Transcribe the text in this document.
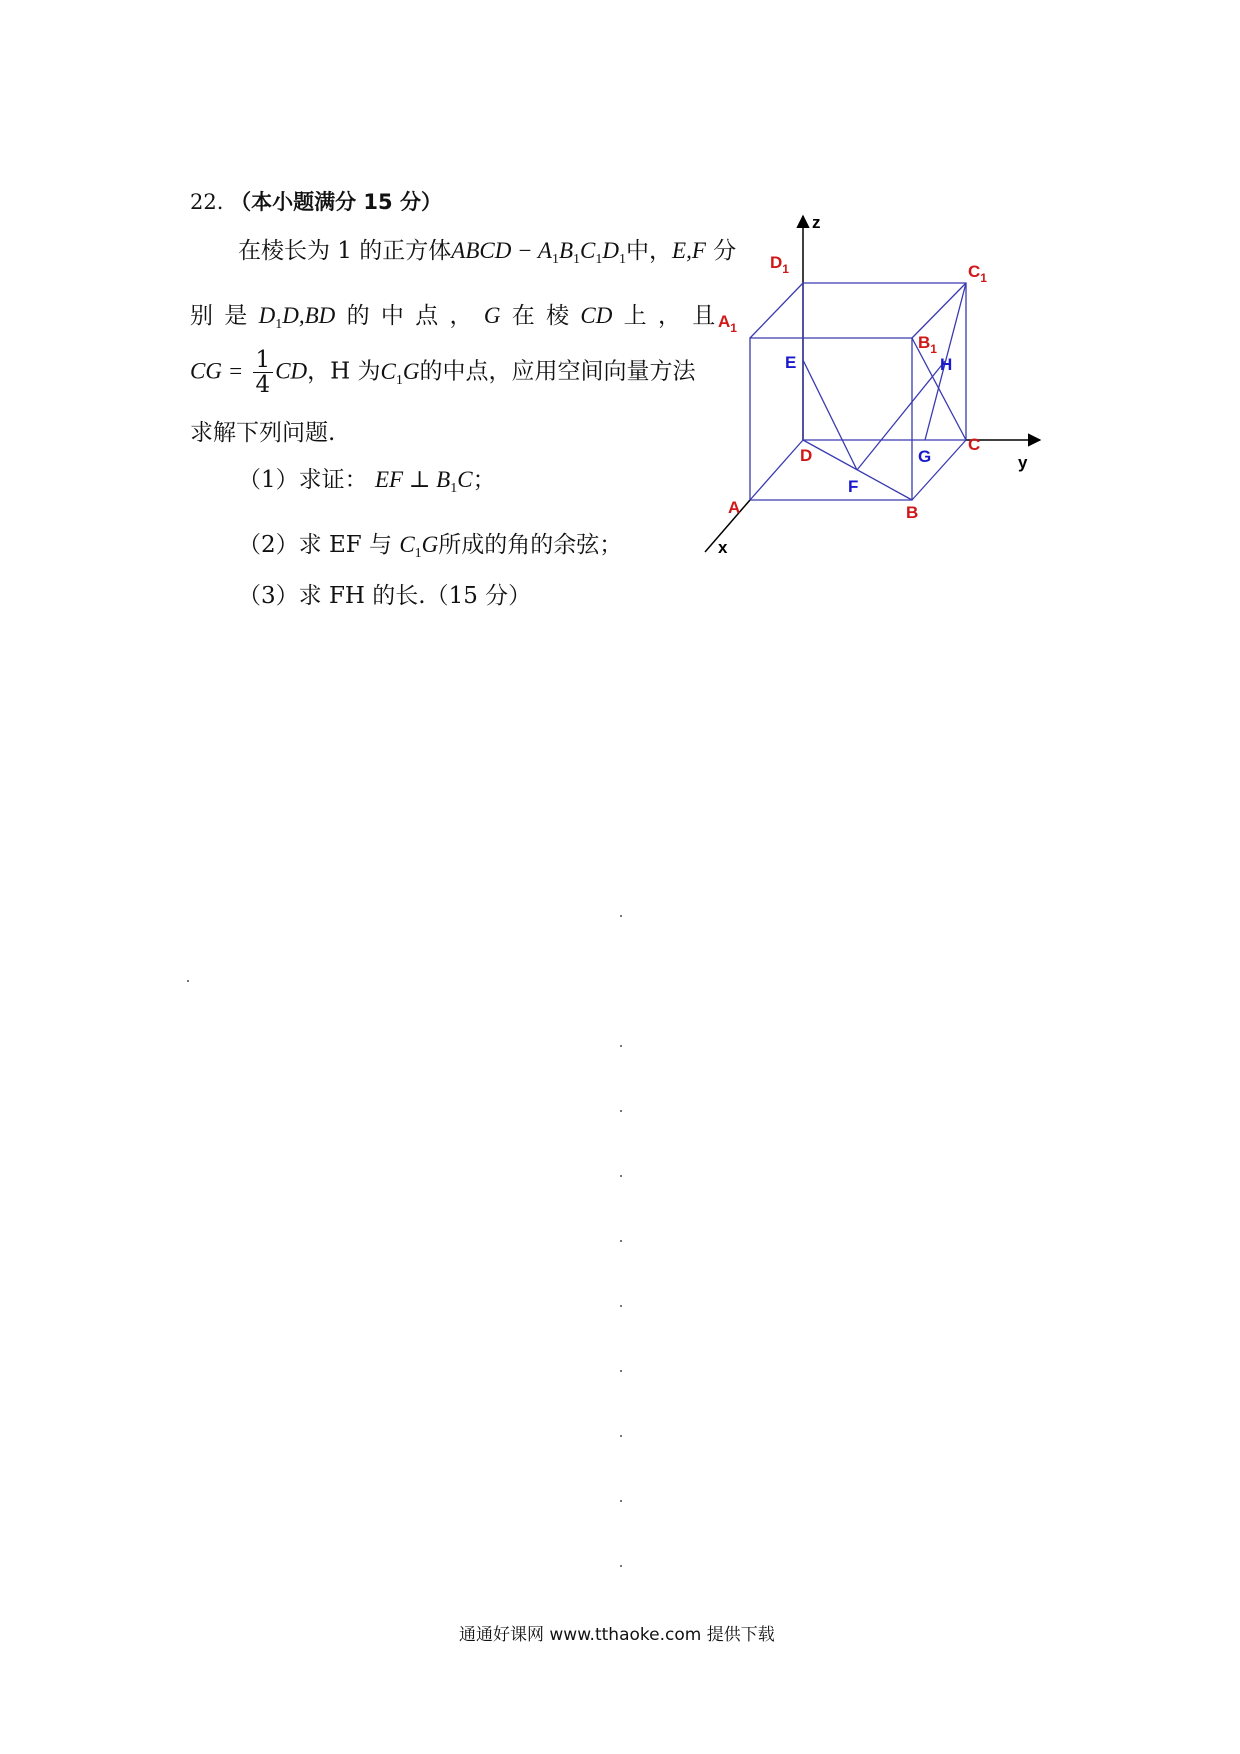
22. （本小题满分 15 分）
在棱长为 1 的正方体ABCD − $A_1B_1C_1D_1$中，E,F 分
别 是 $D_1D,BD$ 的 中 点 ， G 在 棱 CD 上 ， 且
CG = $\frac{1}{4}$ CD，H 为$C_1G$的中点，应用空间向量方法
求解下列问题.
（1）求证： EF ⊥ $B_1C$；
（2）求 EF 与 $C_1G$所成的角的余弦；
（3）求 FH 的长.（15 分）
$D_1$	$C_1$
$A_1$
$B_1$
A	B
C
D
E
F
G
H
z
y
x
通通好课网 www.tthaoke.com 提供下载
